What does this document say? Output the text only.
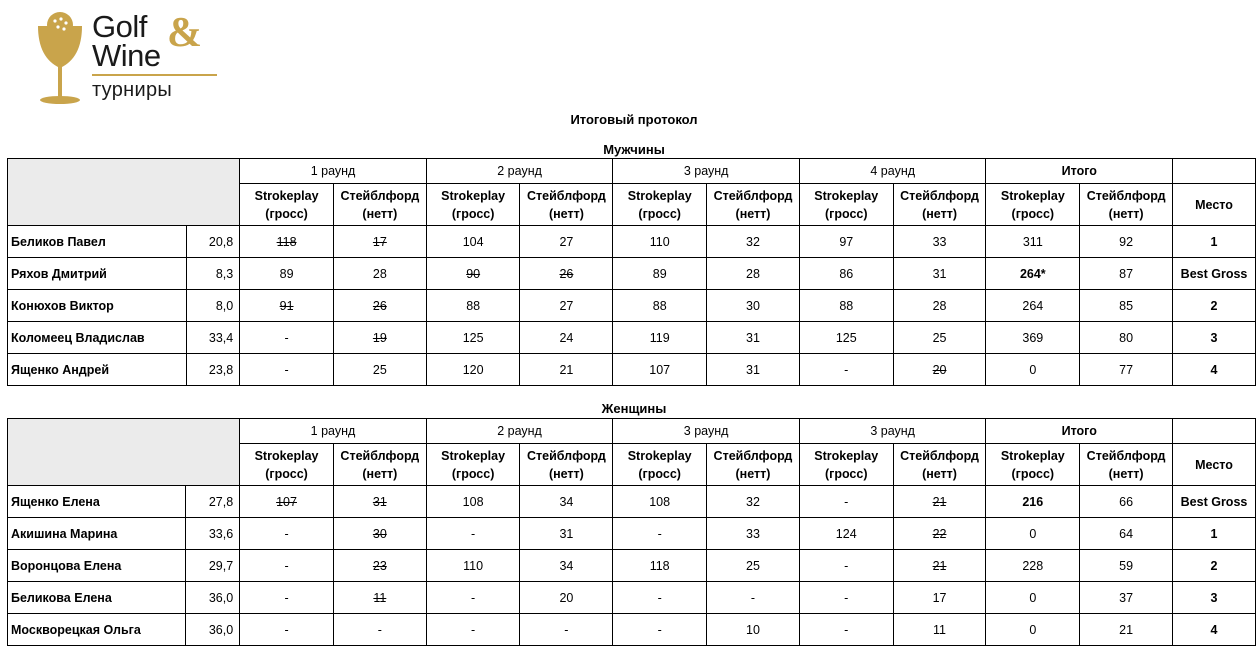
Golf
Wine &
турниры
Итоговый протокол
Мужчины
		1 раунд		2 раунд		3 раунд		4 раунд		Итого		
		Strokeplay (гросс)	Стейблфорд (нетт)	Strokeplay (гросс)	Стейблфорд (нетт)	Strokeplay (гросс)	Стейблфорд (нетт)	Strokeplay (гросс)	Стейблфорд (нетт)	Strokeplay (гросс)	Стейблфорд (нетт)	Место
Беликов Павел	20,8	118	17	104	27	110	32	97	33	311	92	1
Ряхов Дмитрий	8,3	89	28	90	26	89	28	86	31	264*	87	Best Gross
Конюхов Виктор	8,0	91	26	88	27	88	30	88	28	264	85	2
Коломеец Владислав	33,4	-	19	125	24	119	31	125	25	369	80	3
Ященко Андрей	23,8	-	25	120	21	107	31	-	20	0	77	4
Женщины
		1 раунд		2 раунд		3 раунд		3 раунд		Итого		
		Strokeplay (гросс)	Стейблфорд (нетт)	Strokeplay (гросс)	Стейблфорд (нетт)	Strokeplay (гросс)	Стейблфорд (нетт)	Strokeplay (гросс)	Стейблфорд (нетт)	Strokeplay (гросс)	Стейблфорд (нетт)	Место
Ященко Елена	27,8	107	31	108	34	108	32	-	21	216	66	Best Gross
Акишина Марина	33,6	-	30	-	31	-	33	124	22	0	64	1
Воронцова Елена	29,7	-	23	110	34	118	25	-	21	228	59	2
Беликова Елена	36,0	-	11	-	20	-	-	-	17	0	37	3
Москворецкая Ольга	36,0	-	-	-	-	-	10	-	11	0	21	4
